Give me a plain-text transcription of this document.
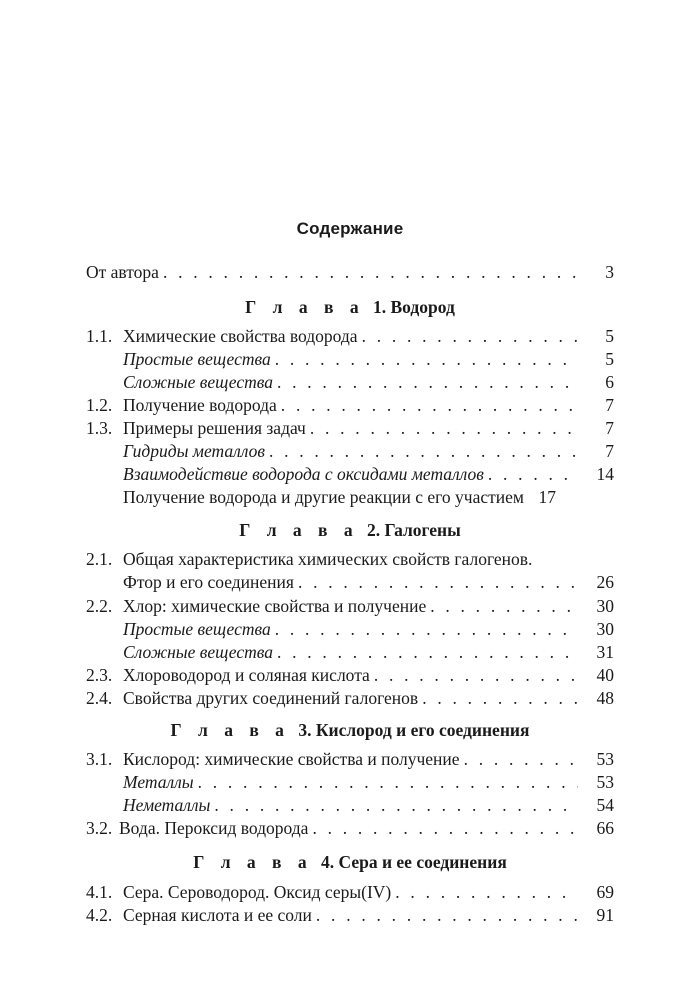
Содержание
От автора . . .	3
Г л а в а 1. Водород
1.1. Химические свойства водорода . . .	5
Простые вещества . . .	5
Сложные вещества . . .	6
1.2. Получение водорода . . .	7
1.3. Примеры решения задач . . .	7
Гидриды металлов . . .	7
Взаимодействие водорода с оксидами металлов . . .	14
Получение водорода и другие реакции с его участием 17
Г л а в а 2. Галогены
2.1. Общая характеристика химических свойств галогенов.
Фтор и его соединения . . .	26
2.2. Хлор: химические свойства и получение . . .	30
Простые вещества . . .	30
Сложные вещества . . .	31
2.3. Хлороводород и соляная кислота . . .	40
2.4. Свойства других соединений галогенов . . .	48
Г л а в а 3. Кислород и его соединения
3.1. Кислород: химические свойства и получение . . .	53
Металлы . . .	53
Неметаллы . . .	54
3.2. Вода. Пероксид водорода . . .	66
Г л а в а 4. Сера и ее соединения
4.1. Сера. Сероводород. Оксид серы(IV) . . .	69
4.2. Серная кислота и ее соли . . .	91
